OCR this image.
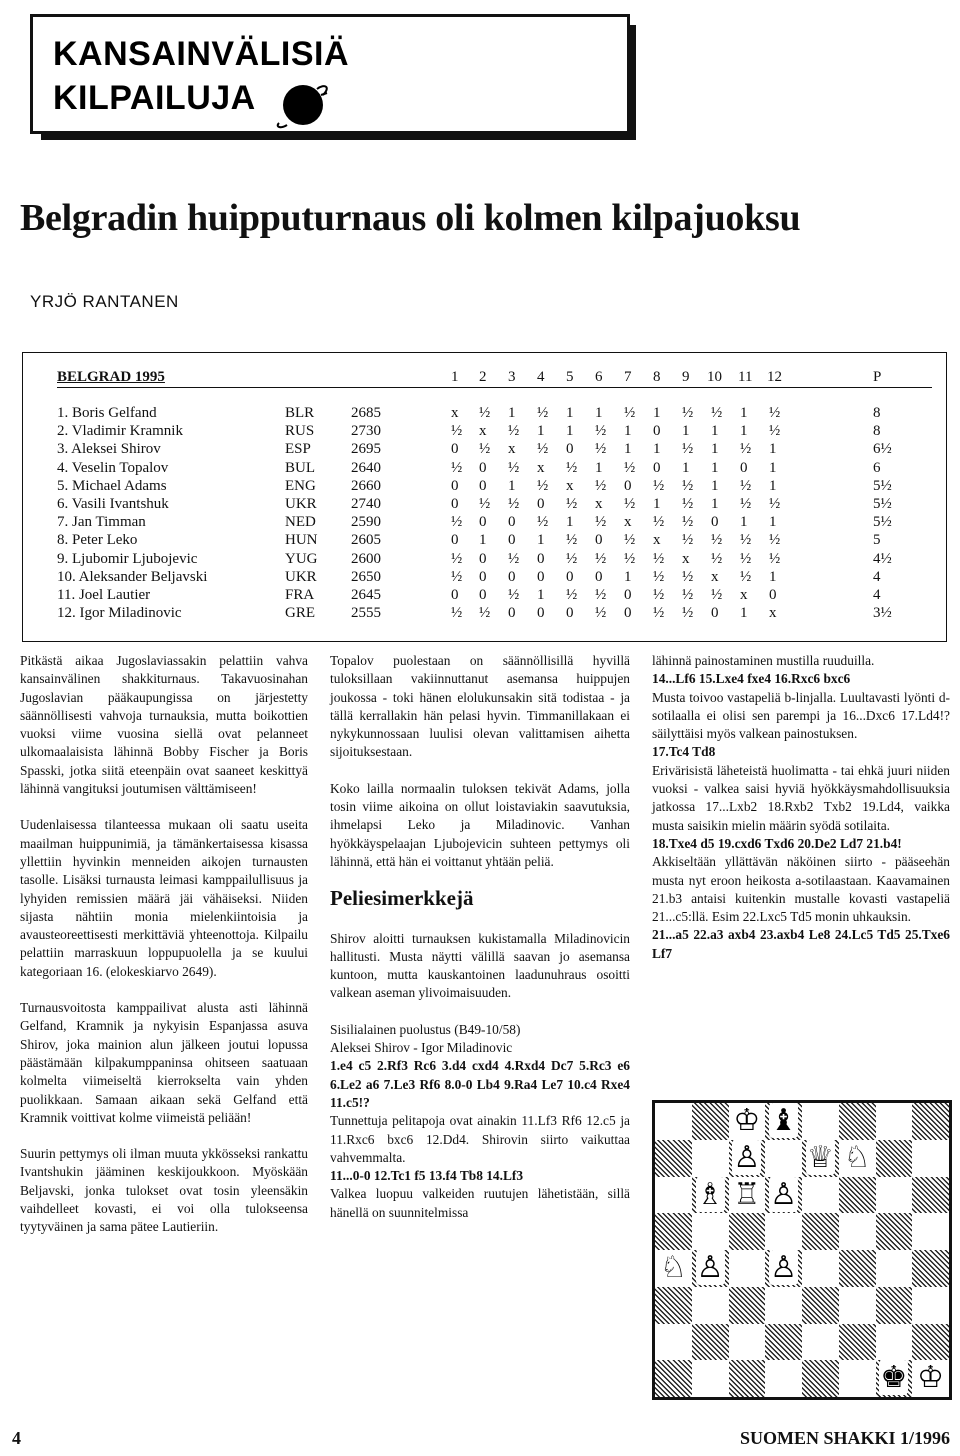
KANSAINVÄLISIÄ
KILPAILUJA
Belgradin huipputurnaus oli kolmen kilpajuoksu
YRJÖ RANTANEN
BELGRAD 1995	1 2 3 4 5 6 7 8 9 10 11 12	P
1. Boris Gelfand	BLR 2685	x ½ 1 ½ 1 1 ½ 1 ½ ½ 1 ½	8
2. Vladimir Kramnik	RUS 2730	½ x ½ 1 1 ½ 1 0 1 1 1 ½	8
3. Aleksei Shirov	ESP	2695	0 ½ x ½ 0 ½ 1 1 ½ 1 ½ 1	6½
4. Veselin Topalov	BUL 2640	½ 0 ½ x ½ 1 ½ 0 1 1 0 1	6
5. Michael Adams	ENG 2660	0 0 1 ½ x ½ 0 ½ ½ 1 ½ 1	5½
6. Vasili Ivantshuk	UKR 2740	0 ½ ½ 0 ½ x ½ 1 ½ 1 ½ ½	5½
7. Jan Timman	NED 2590	½ 0 0 ½ 1 ½ x ½ ½ 0 1 1	5½
8. Peter Leko	HUN 2605	0 1 0 1 ½ 0 ½ x ½ ½ ½ ½	5
9. Ljubomir Ljubojevic	YUG 2600	½ 0 ½ 0 ½ ½ ½ ½ x ½ ½ ½	4½
10. Aleksander Beljavski	UKR 2650	½ 0 0 0 0 0 1 ½ ½ x ½ 1	4
11. Joel Lautier	FRA 2645	0 0 ½ 1 ½ ½ 0 ½ ½ ½ x 0	4
12. Igor Miladinovic	GRE 2555	½ ½ 0 0 0 ½ 0 ½ ½ 0 1 x	3½

Pitkästä aikaa Jugoslaviassakin pelattiin vahva kansainvälinen shakkiturnaus. Takavuosinahan Jugoslavian pääkaupungissa on järjestetty säännöllisesti vahvoja turnauksia, mutta boikottien vuoksi viime vuosina siellä ovat pelanneet ulkomaalaisista lähinnä Bobby Fischer ja Boris Spasski, jotka siitä eteenpäin ovat saaneet keskittyä lähinnä vangituksi joutumisen välttämiseen!

Uudenlaisessa tilanteessa mukaan oli saatu useita maailman huippunimiä, ja tämänkertaisessa kisassa yllettiin hyvinkin menneiden aikojen turnausten tasolle. Lisäksi turnausta leimasi kamppailullisuus ja lyhyiden remissien määrä jäi vähäiseksi. Niiden sijasta nähtiin monia mielenkiintoisia ja avausteoreettisesti merkittäviä yhteenottoja. Kilpailu pelattiin marraskuun loppupuolella ja se kuului kategoriaan 16. (elokeskiarvo 2649).

Turnausvoitosta kamppailivat alusta asti lähinnä Gelfand, Kramnik ja nykyisin Espanjassa asuva Shirov, joka mainion alun jälkeen joutui lopussa päästämään kilpakumppaninsa ohitseen saatuaan kolmelta viimeiseltä kierrokselta vain yhden puolikkaan. Samaan aikaan sekä Gelfand että Kramnik voittivat kolme viimeistä peliään!

Suurin pettymys oli ilman muuta ykkösseksi rankattu Ivantshukin jääminen keskijoukkoon. Myöskään Beljavski, jonka tulokset ovat tosin yleensäkin vaihdelleet kovasti, ei voi olla tulokseensa tyytyväinen ja sama pätee Lautieriin.

Topalov puolestaan on säännöllisillä hyvillä tuloksillaan vakiinnuttanut asemansa huippujen joukossa - toki hänen elolukunsakin sitä todistaa - ja tällä kerrallakin hän pelasi hyvin. Timmanillakaan ei nykykunnossaan luulisi olevan valittamisen aihetta sijoituksestaan.

Koko lailla normaalin tuloksen tekivät Adams, jolla tosin viime aikoina on ollut loistaviakin saavutuksia, ihmelapsi Leko ja Miladinovic. Vanhan hyökkäyspelaajan Ljubojevicin suhteen pettymys oli lähinnä, että hän ei voittanut yhtään peliä.

Peliesimerkkejä

Shirov aloitti turnauksen kukistamalla Miladinovicin hallitusti. Musta näytti välillä saavan jo asemansa kuntoon, mutta kauskantoinen laadunuhraus osoitti valkean aseman ylivoimaisuuden.

Sisilialainen puolustus (B49-10/58)
Aleksei Shirov - Igor Miladinovic
1.e4 c5 2.Rf3 Rc6 3.d4 cxd4 4.Rxd4 Dc7 5.Rc3 e6 6.Le2 a6 7.Le3 Rf6 8.0-0 Lb4 9.Ra4 Le7 10.c4 Rxe4 11.c5!?
Tunnettuja pelitapoja ovat ainakin 11.Lf3 Rf6 12.c5 ja 11.Rxc6 bxc6 12.Dd4. Shirovin siirto vaikuttaa vahvemmalta.
11...0-0 12.Tc1 f5 13.f4 Tb8 14.Lf3
Valkea luopuu valkeiden ruutujen lähetistään, sillä hänellä on suunnitelmissa
lähinnä painostaminen mustilla ruuduilla.
14...Lf6 15.Lxe4 fxe4 16.Rxc6 bxc6
Musta toivoo vastapeliä b-linjalla. Luultavasti lyönti d-sotilaalla ei olisi sen parempi ja 16...Dxc6 17.Ld4!? säilyttäisi myös valkean painostuksen.
17.Tc4 Td8
Erivärisistä läheteistä huolimatta - tai ehkä juuri niiden vuoksi - valkea saisi hyviä hyökkäysmahdollisuuksia jatkossa 17...Lxb2 18.Rxb2 Txb2 19.Ld4, vaikka musta saisikin mielin määrin syödä sotilaita.
18.Txe4 d5 19.cxd6 Txd6 20.De2 Ld7 21.b4!
Akkiseltään yllättävän näköinen siirto - pääseehän musta nyt eroon heikosta a-sotilaastaan. Kaavamainen 21.b3 antaisi kuitenkin mustalle kovasti vastapeliä 21...c5:llä. Esim 22.Lxc5 Td5 monin uhkauksin.
21...a5 22.a3 axb4 23.axb4 Le8 24.Lc5 Td5 25.Txe6 Lf7
♔ ♝
♙ ♕ ♘
♗ ♖ ♙
♘ ♙ ♙
♚ ♔
4	SUOMEN SHAKKI 1/1996
